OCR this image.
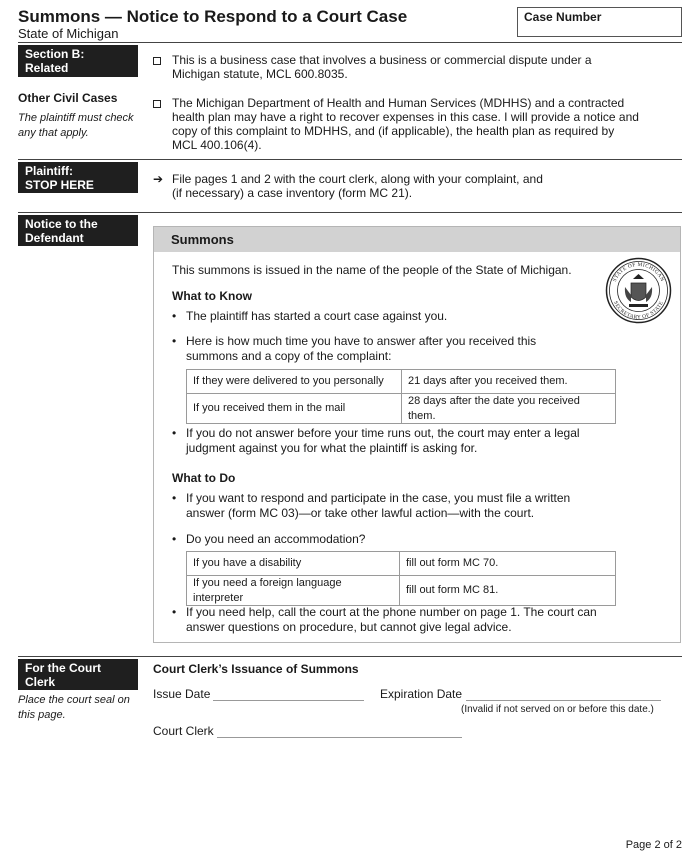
Summons — Notice to Respond to a Court Case
State of Michigan
Case Number
Section B: Related
cases (continued)
This is a business case that involves a business or commercial dispute under a Michigan statute, MCL 600.8035.
Other Civil Cases
The plaintiff must check any that apply.
The Michigan Department of Health and Human Services (MDHHS) and a contracted health plan may have a right to recover expenses in this case. I will provide a notice and copy of this complaint to MDHHS, and (if applicable), the health plan as required by MCL 400.106(4).
Plaintiff:
STOP HERE	➔ File pages 1 and 2 with the court clerk, along with your complaint, and (if necessary) a case inventory (form MC 21).
Notice to the
Defendant	Summons
STATE OF MICHIGAN
SECRETARY OF STATE
This summons is issued in the name of the people of the State of Michigan.
What to Know
• The plaintiff has started a court case against you.
• Here is how much time you have to answer after you received this summons and a copy of the complaint:
If they were delivered to you personally	21 days after you received them.
If you received them in the mail	28 days after the date you received them.
• If you do not answer before your time runs out, the court may enter a legal judgment against you for what the plaintiff is asking for.
What to Do
• If you want to respond and participate in the case, you must file a written answer (form MC 03)—or take other lawful action—with the court.
• Do you need an accommodation?
If you have a disability	fill out form MC 70.
If you need a foreign language interpreter	fill out form MC 81.
• If you need help, call the court at the phone number on page 1. The court can answer questions on procedure, but cannot give legal advice.
For the Court
Clerk
Place the court seal on this page.
Court Clerk’s Issuance of Summons
Issue Date	Expiration Date
(Invalid if not served on or before this date.)
Court Clerk
Page 2 of 2
